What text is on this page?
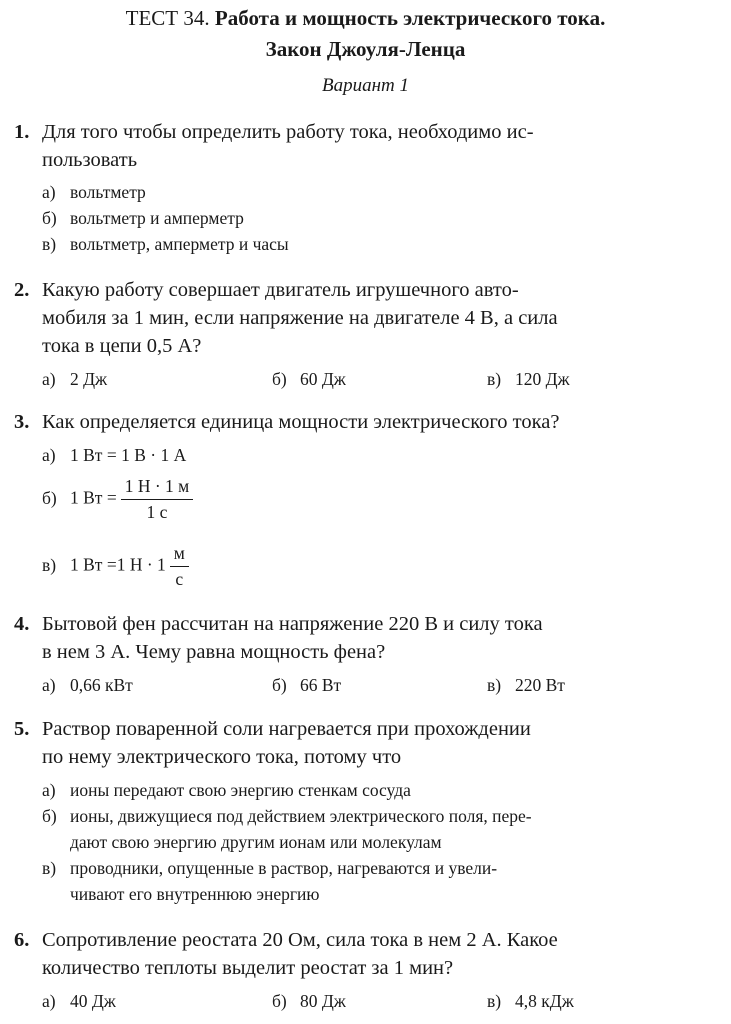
ТЕСТ 34. Работа и мощность электрического тока.
Закон Джоуля-Ленца
Вариант 1
1. Для того чтобы определить работу тока, необходимо ис-
пользовать
а) вольтметр
б) вольтметр и амперметр
в) вольтметр, амперметр и часы
2. Какую работу совершает двигатель игрушечного авто-
мобиля за 1 мин, если напряжение на двигателе 4 В, а сила
тока в цепи 0,5 А?
а) 2 Дж	б) 60 Дж	в) 120 Дж
3. Как определяется единица мощности электрического тока?
а) 1 Вт = 1 В · 1 А
б) 1 Вт = $\frac{1 Н \cdot 1 м}{1 с}$
в) 1 Вт =1 $Н \cdot 1 \frac{м}{с}$
4. Бытовой фен рассчитан на напряжение 220 В и силу тока
в нем 3 А. Чему равна мощность фена?
а) 0,66 кВт	б) 66 Вт	в) 220 Вт
5. Раствор поваренной соли нагревается при прохождении
по нему электрического тока, потому что
а) ионы передают свою энергию стенкам сосуда
б) ионы, движущиеся под действием электрического поля, пере-
дают свою энергию другим ионам или молекулам
в) проводники, опущенные в раствор, нагреваются и увели-
чивают его внутреннюю энергию
6. Сопротивление реостата 20 Ом, сила тока в нем 2 А. Какое
количество теплоты выделит реостат за 1 мин?
а) 40 Дж	б) 80 Дж	в) 4,8 кДж
